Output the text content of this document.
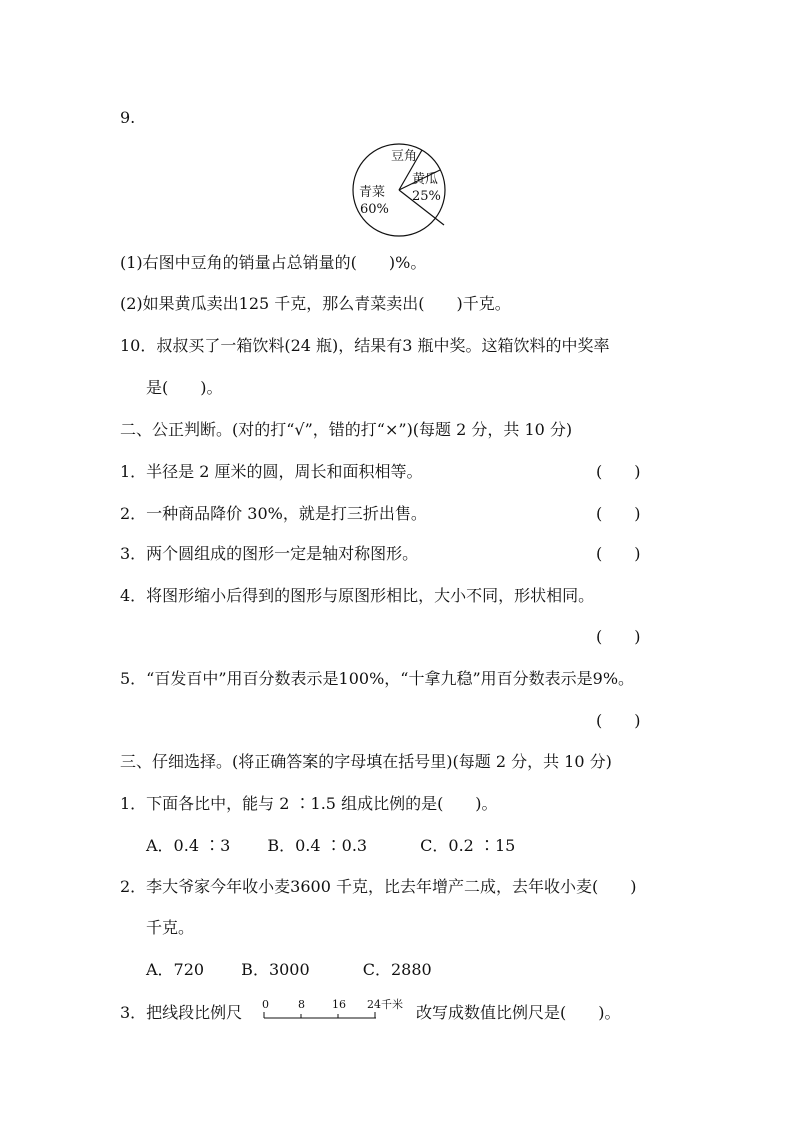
9.
豆角
黄瓜
25%
青菜
60%
(1)右图中豆角的销量占总销量的(　　)%。
(2)如果黄瓜卖出125 千克，那么青菜卖出(　　)千克。
10．叔叔买了一箱饮料(24 瓶)，结果有3 瓶中奖。这箱饮料的中奖率
是(　　)。
二、公正判断。(对的打“√”，错的打“×”)(每题 2 分，共 10 分)
1．半径是 2 厘米的圆，周长和面积相等。	(　　)
2．一种商品降价 30%，就是打三折出售。	(　　)
3．两个圆组成的图形一定是轴对称图形。	(　　)
4．将图形缩小后得到的图形与原图形相比，大小不同，形状相同。
(　　)
5．“百发百中”用百分数表示是100%，“十拿九稳”用百分数表示是9%。
(　　)
三、仔细选择。(将正确答案的字母填在括号里)(每题 2 分，共 10 分)
1．下面各比中，能与 2 ∶1.5 组成比例的是(　　)。
A．0.4 ∶3　　 B．0.4 ∶0.3　　　 C．0.2 ∶15
2．李大爷家今年收小麦3600 千克，比去年增产二成，去年收小麦(　　)
千克。
A．720　　 B．3000　　　 C．2880
3．把线段比例尺 0	8 16 24 千米 改写成数值比例尺是(　　)。
